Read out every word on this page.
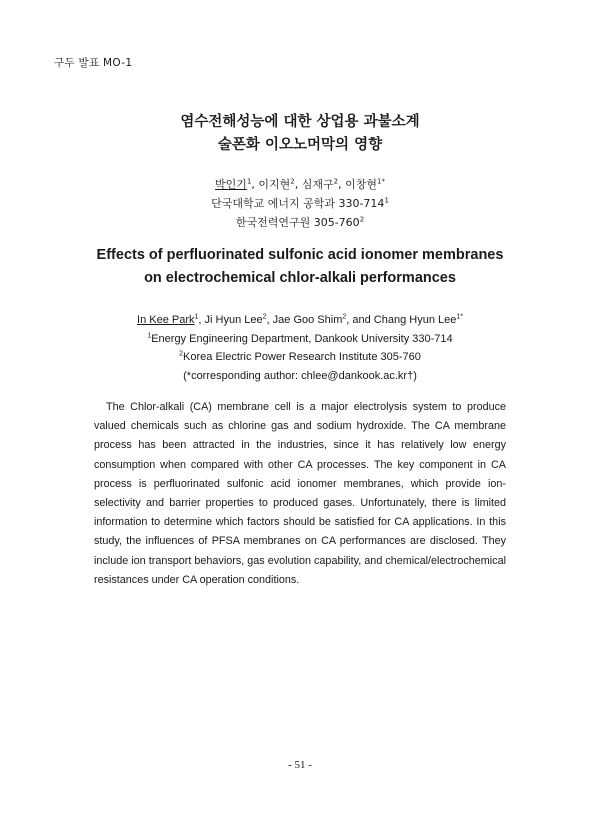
구두 발표 MO-1
염수전해성능에 대한 상업용 과불소계
술폰화 이오노머막의 영향
박인기$^1$, 이지현$^2$, 심재구$^2$, 이창현$^{1*}$
단국대학교 에너지 공학과 $330-714^1$
한국전력연구원 $305-760^2$
Effects of perfluorinated sulfonic acid ionomer membranes
on electrochemical chlor-alkali performances
In Kee Park$^1$, Ji Hyun Lee$^2$, Jae Goo Shim$^2$, and Chang Hyun Lee$^{1*}$
$^1$Energy Engineering Department, Dankook University 330-714
$^2$Korea Electric Power Research Institute 305-760
(*corresponding author: chlee@dankook.ac.kr†)
The Chlor-alkali (CA) membrane cell is a major electrolysis system to produce valued chemicals such as chlorine gas and sodium hydroxide. The CA membrane process has been attracted in the industries, since it has relatively low energy consumption when compared with other CA processes. The key component in CA process is perfluorinated sulfonic acid ionomer membranes, which provide ion-selectivity and barrier properties to produced gases. Unfortunately, there is limited information to determine which factors should be satisfied for CA applications. In this study, the influences of PFSA membranes on CA performances are disclosed. They include ion transport behaviors, gas evolution capability, and chemical/electrochemical resistances under CA operation conditions.
- 51 -
